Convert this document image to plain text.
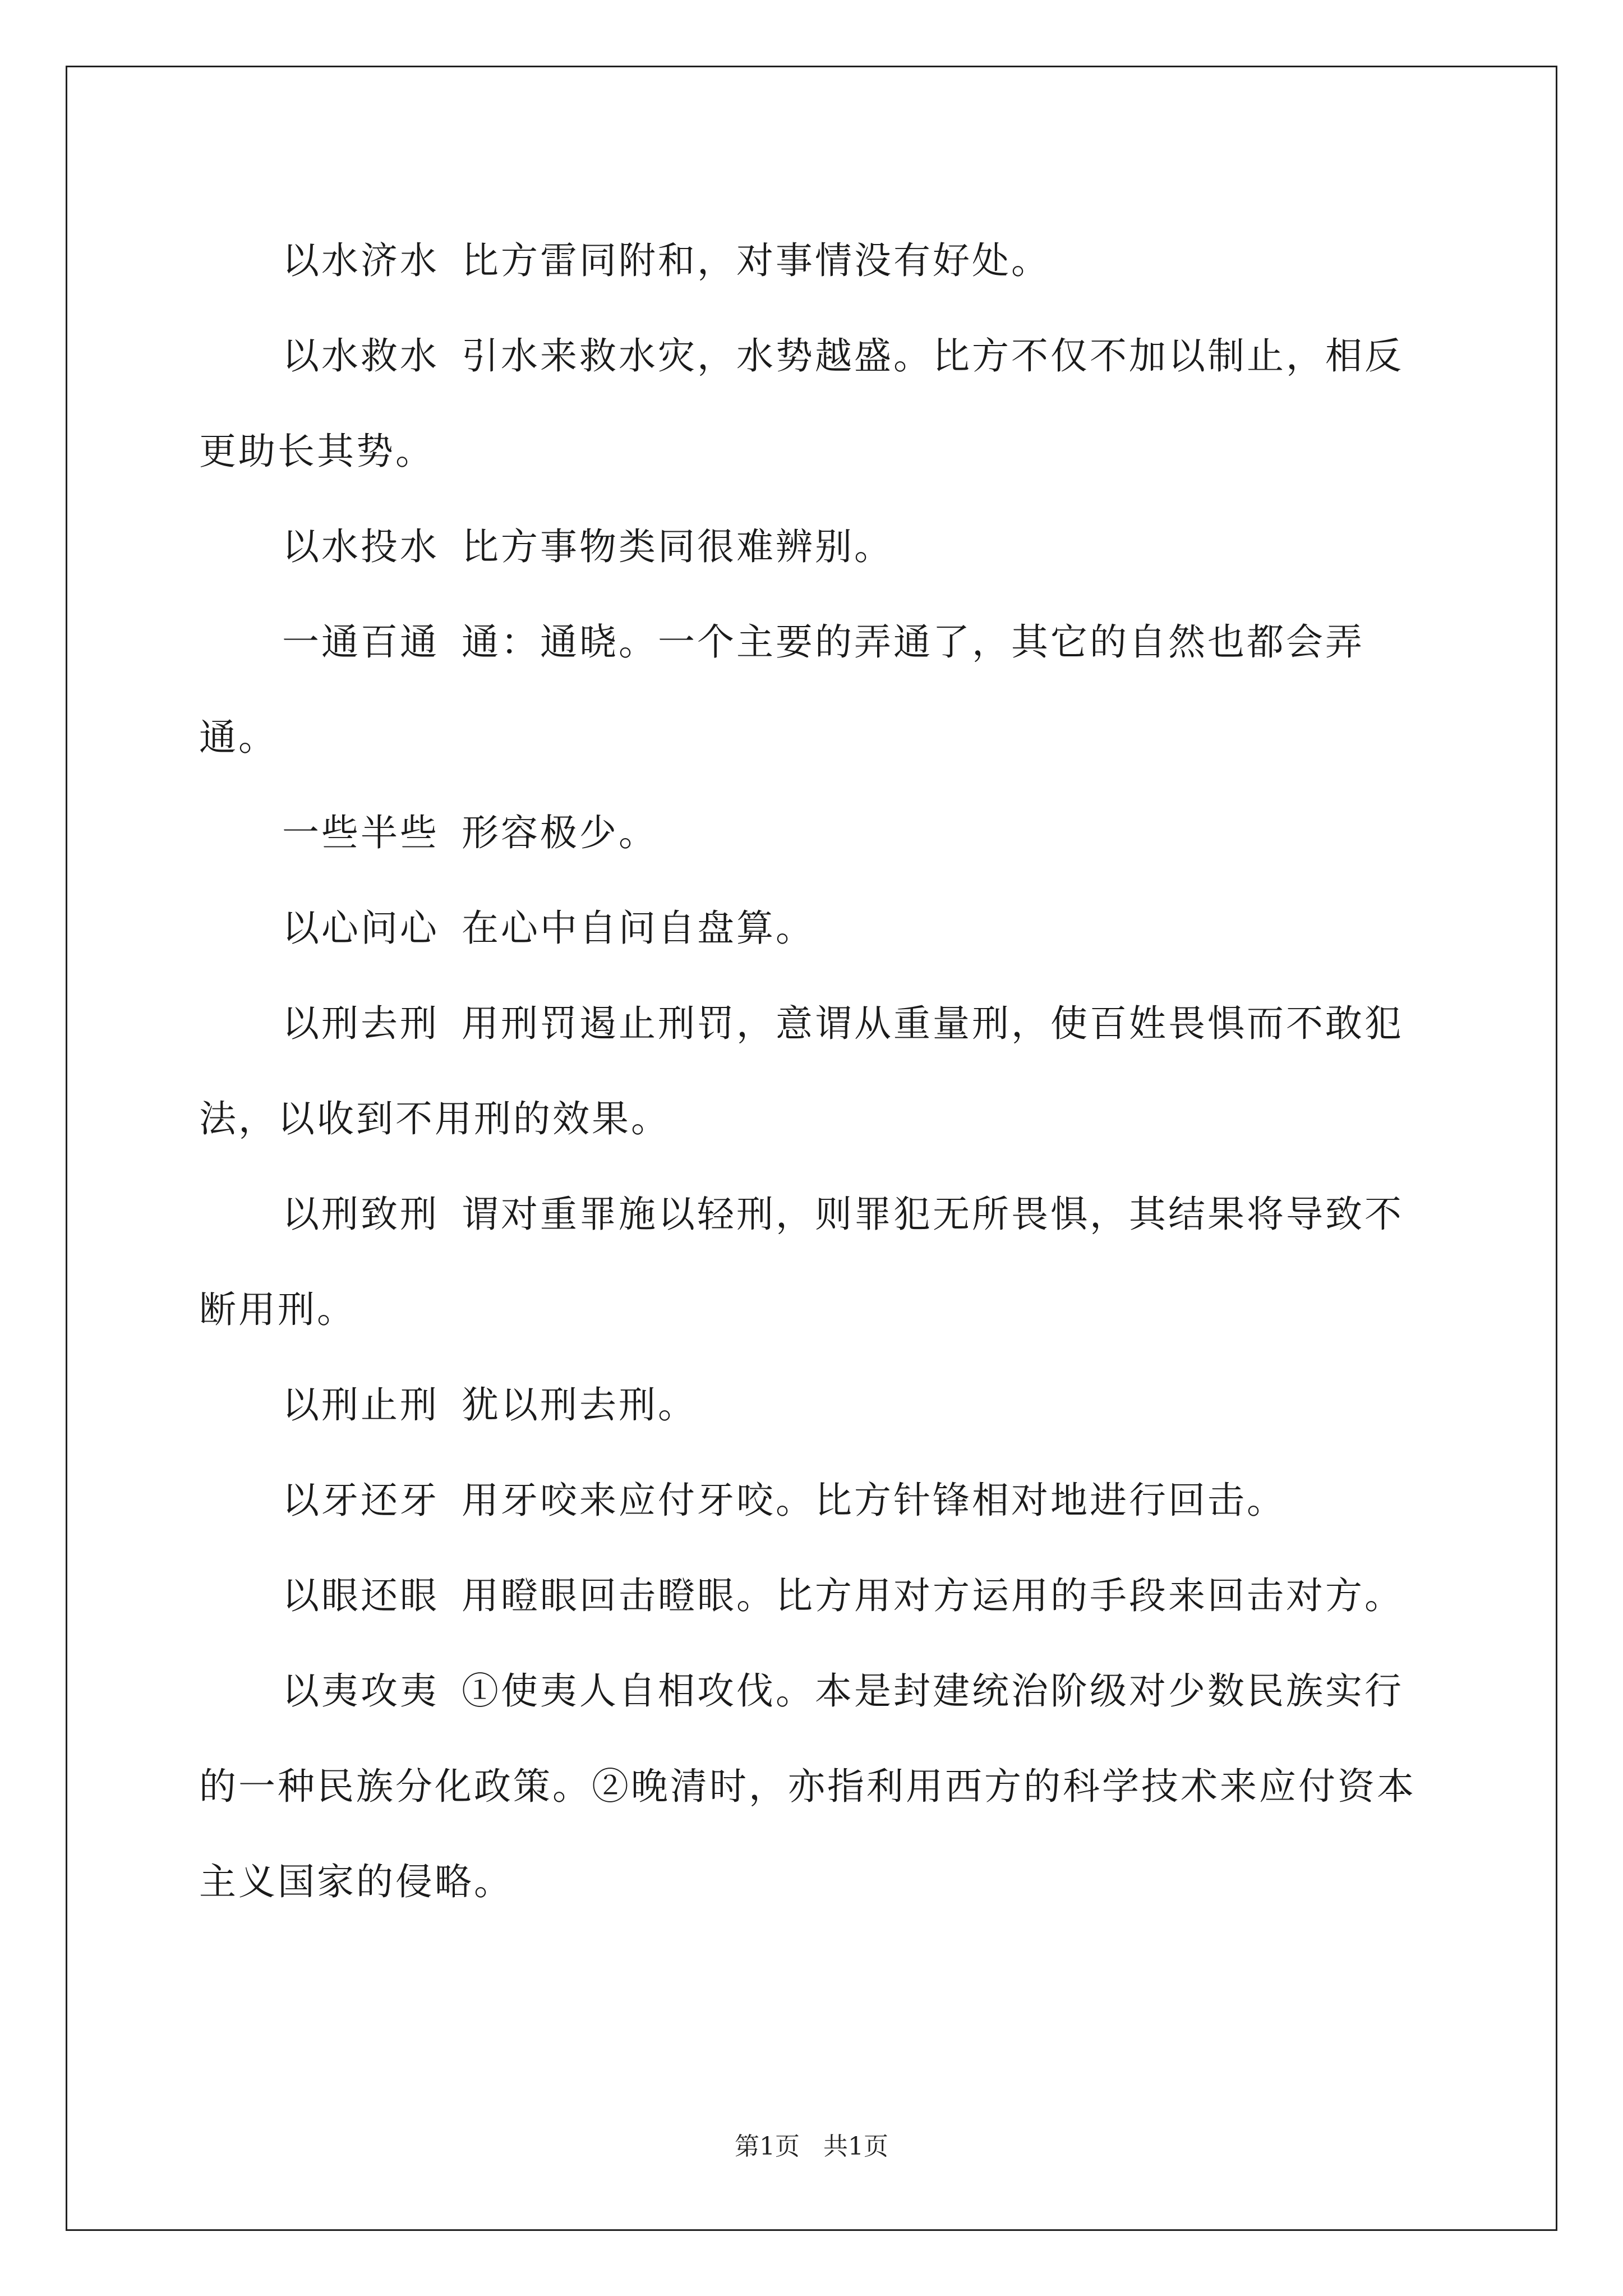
以水济水 比方雷同附和，对事情没有好处。

以水救水 引水来救水灾，水势越盛。比方不仅不加以制止，相反更助长其势。

以水投水 比方事物类同很难辨别。

一通百通 通：通晓。一个主要的弄通了，其它的自然也都会弄通。

一些半些 形容极少。

以心问心 在心中自问自盘算。

以刑去刑 用刑罚遏止刑罚，意谓从重量刑，使百姓畏惧而不敢犯法，以收到不用刑的效果。

以刑致刑 谓对重罪施以轻刑，则罪犯无所畏惧，其结果将导致不断用刑。

以刑止刑 犹以刑去刑。

以牙还牙 用牙咬来应付牙咬。比方针锋相对地进行回击。

以眼还眼 用瞪眼回击瞪眼。比方用对方运用的手段来回击对方。

以夷攻夷 ①使夷人自相攻伐。本是封建统治阶级对少数民族实行的一种民族分化政策。②晚清时，亦指利用西方的科学技术来应付资本主义国家的侵略。

第1页 共1页
